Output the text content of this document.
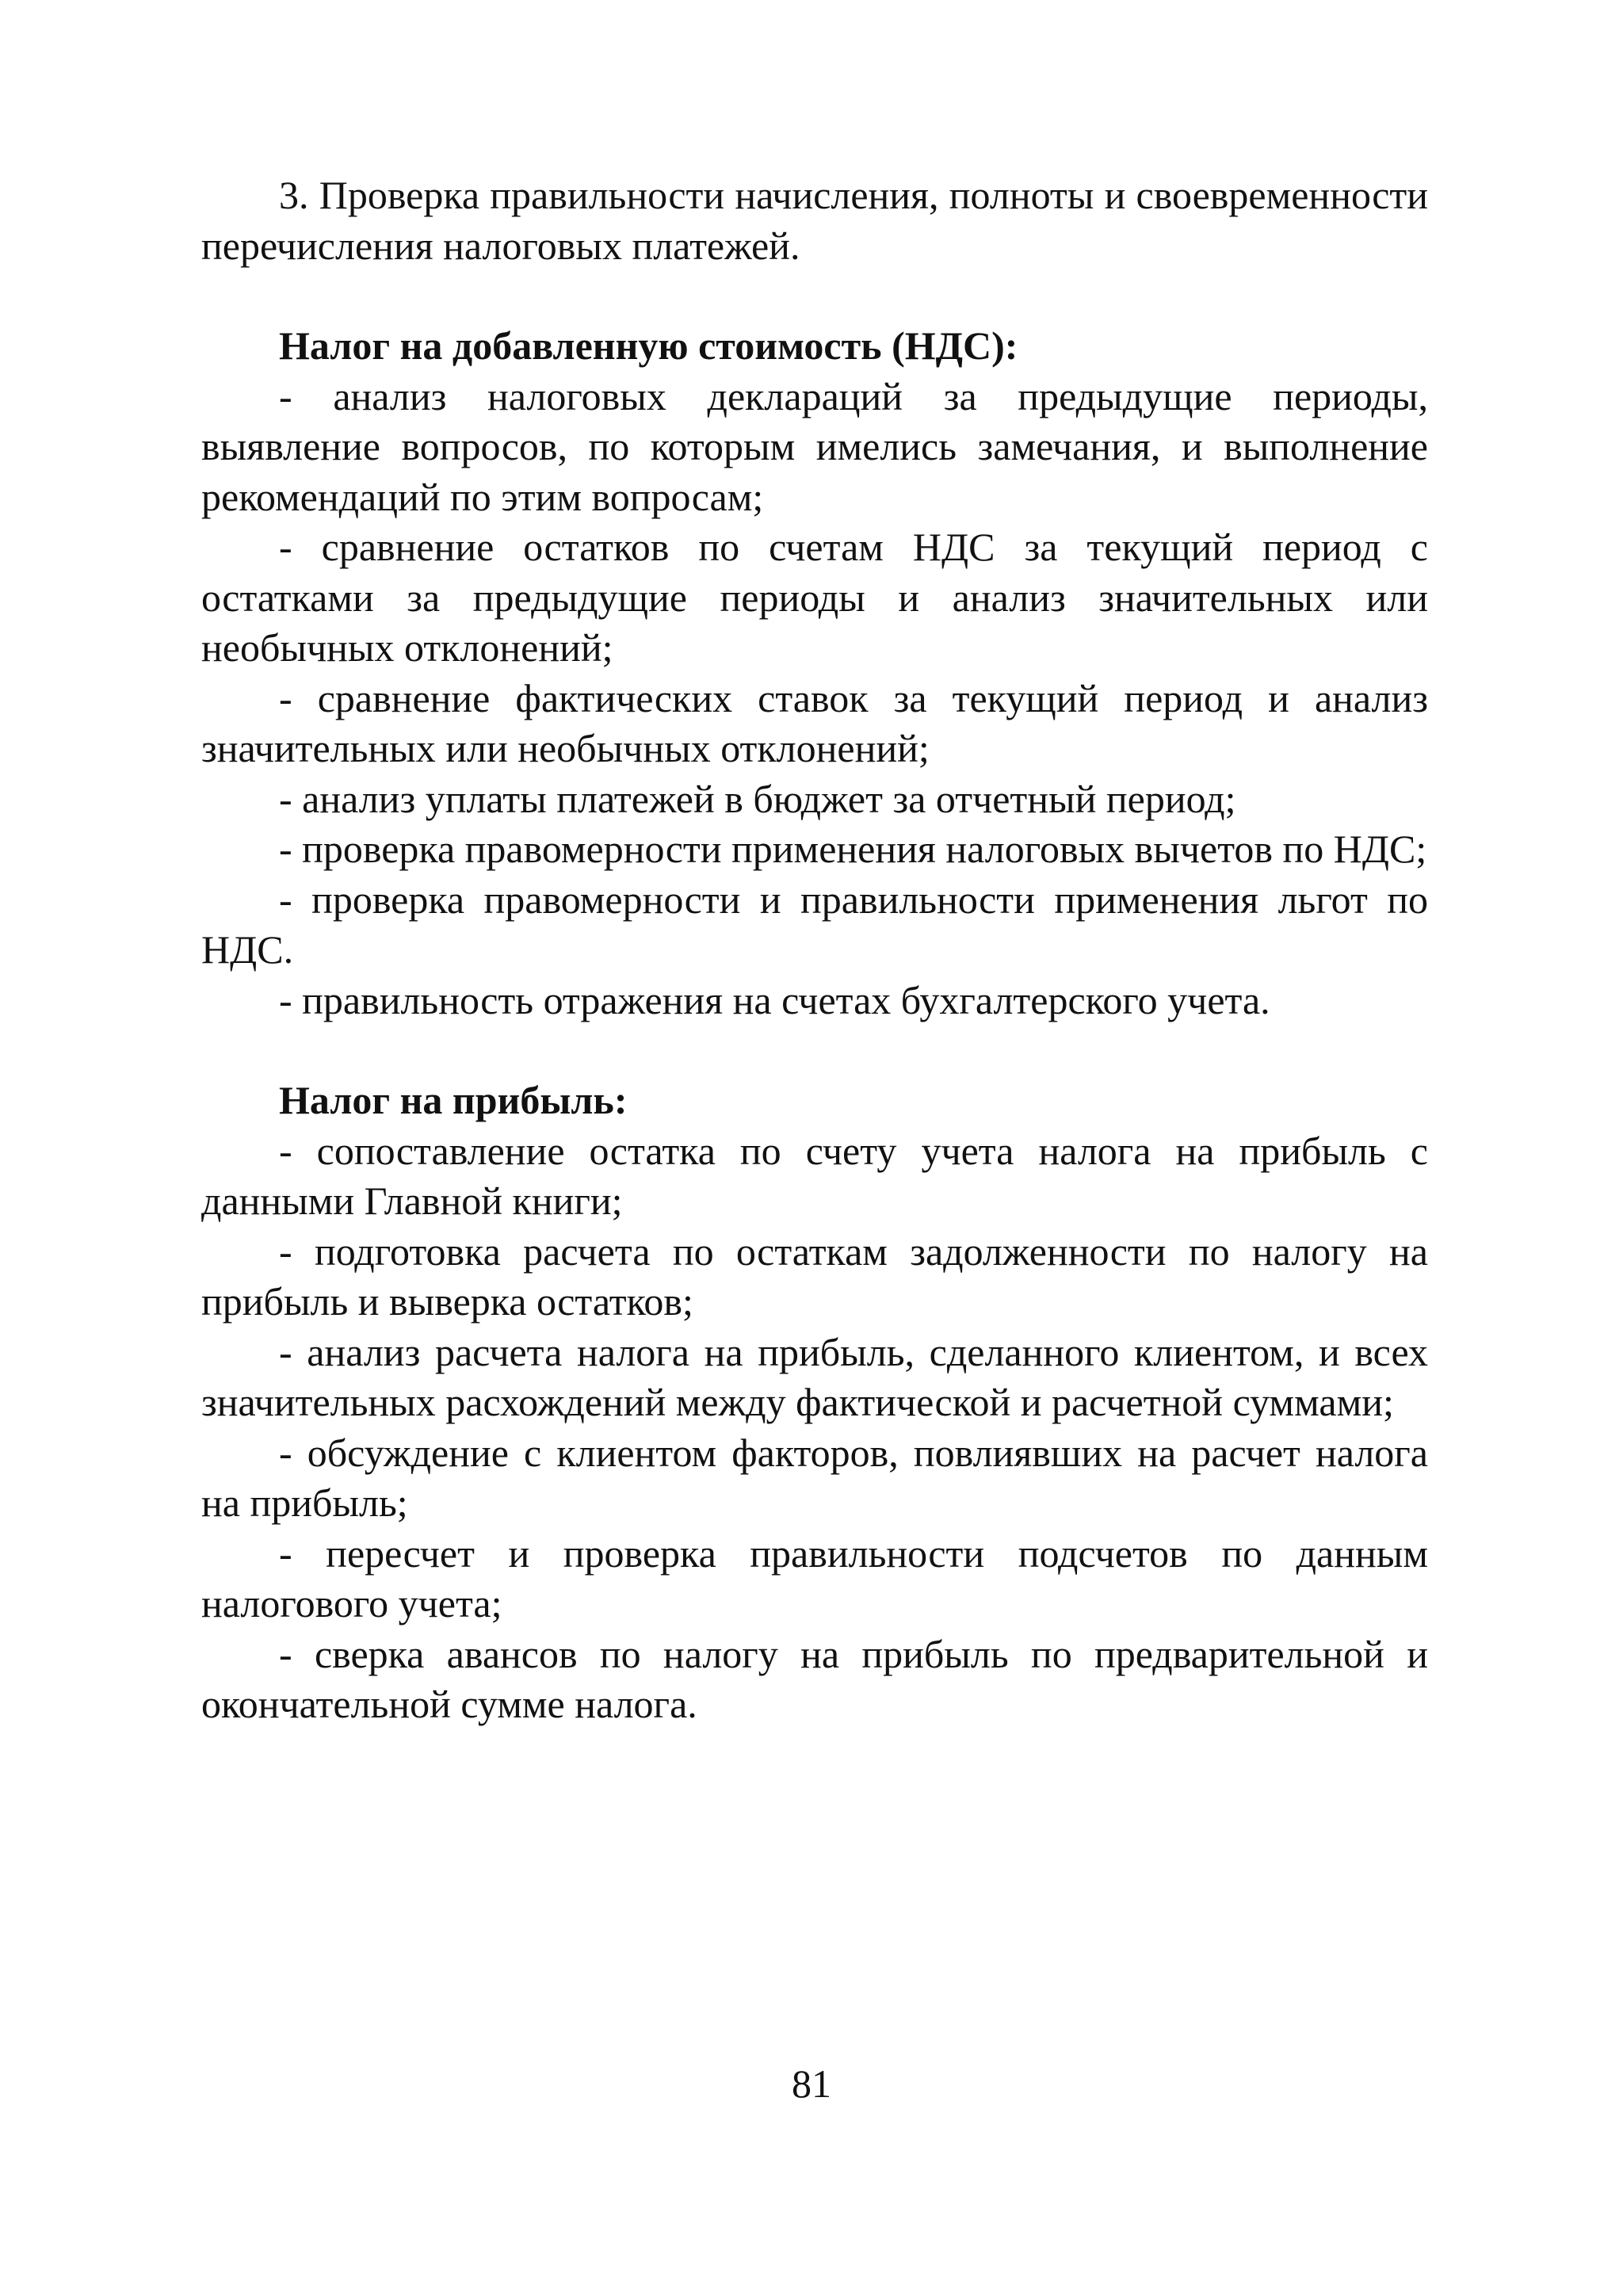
3. Проверка правильности начисления, полноты и своевременности перечисления налоговых платежей.

Налог на добавленную стоимость (НДС):

- анализ налоговых деклараций за предыдущие периоды, выявление вопросов, по которым имелись замечания, и выполнение рекомендаций по этим вопросам;

- сравнение остатков по счетам НДС за текущий период с остатками за предыдущие периоды и анализ значительных или необычных отклонений;

- сравнение фактических ставок за текущий период и анализ значительных или необычных отклонений;

- анализ уплаты платежей в бюджет за отчетный период;

- проверка правомерности применения налоговых вычетов по НДС;

- проверка правомерности и правильности применения льгот по НДС.

- правильность отражения на счетах бухгалтерского учета.

Налог на прибыль:

- сопоставление остатка по счету учета налога на прибыль с данными Главной книги;

- подготовка расчета по остаткам задолженности по налогу на прибыль и выверка остатков;

- анализ расчета налога на прибыль, сделанного клиентом, и всех значительных расхождений между фактической и расчетной суммами;

- обсуждение с клиентом факторов, повлиявших на расчет налога на прибыль;

- пересчет и проверка правильности подсчетов по данным налогового учета;

- сверка авансов по налогу на прибыль по предварительной и окончательной сумме налога.

81
